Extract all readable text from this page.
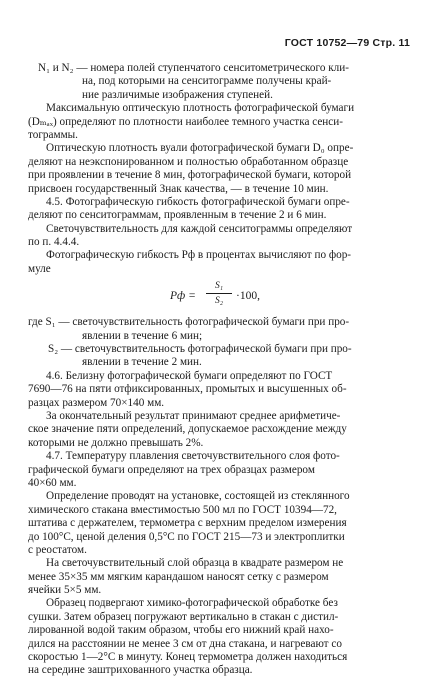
ГОСТ 10752—79 Стр. 11
N₁ и N₂ — номера полей ступенчатого сенситометрического кли-
на, под которыми на сенситограмме получены край-
ние различимые изображения ступеней.
Максимальную оптическую плотность фотографической бумаги
(Dₘₐₓ) определяют по плотности наиболее темного участка сенси-
тограммы.
Оптическую плотность вуали фотографической бумаги D₀ опре-
деляют на неэкспонированном и полностью обработанном образце
при проявлении в течение 8 мин, фотографической бумаги, которой
присвоен государственный Знак качества, — в течение 10 мин.
4.5. Фотографическую гибкость фотографической бумаги опре-
деляют по сенситограммам, проявленным в течение 2 и 6 мин.
Светочувствительность для каждой сенситограммы определяют
по п. 4.4.4.
Фотографическую гибкость Pф в процентах вычисляют по фор-
муле
Pф =
S₁
S₂	·100,
где S₁ — светочувствительность фотографической бумаги при про-
явлении в течение 6 мин;
S₂ — светочувствительность фотографической бумаги при про-
явлении в течение 2 мин.
4.6. Белизну фотографической бумаги определяют по ГОСТ
7690—76 на пяти отфиксированных, промытых и высушенных об-
разцах размером 70×140 мм.
За окончательный результат принимают среднее арифметиче-
ское значение пяти определений, допускаемое расхождение между
которыми не должно превышать 2%.
4.7. Температуру плавления светочувствительного слоя фото-
графической бумаги определяют на трех образцах размером
40×60 мм.
Определение проводят на установке, состоящей из стеклянного
химического стакана вместимостью 500 мл по ГОСТ 10394—72,
штатива с держателем, термометра с верхним пределом измерения
до 100°С, ценой деления 0,5°С по ГОСТ 215—73 и электроплитки
с реостатом.
На светочувствительный слой образца в квадрате размером не
менее 35×35 мм мягким карандашом наносят сетку с размером
ячейки 5×5 мм.
Образец подвергают химико-фотографической обработке без
сушки. Затем образец погружают вертикально в стакан с дистил-
лированной водой таким образом, чтобы его нижний край нахо-
дился на расстоянии не менее 3 см от дна стакана, и нагревают со
скоростью 1—2°С в минуту. Конец термометра должен находиться
на середине заштрихованного участка образца.
